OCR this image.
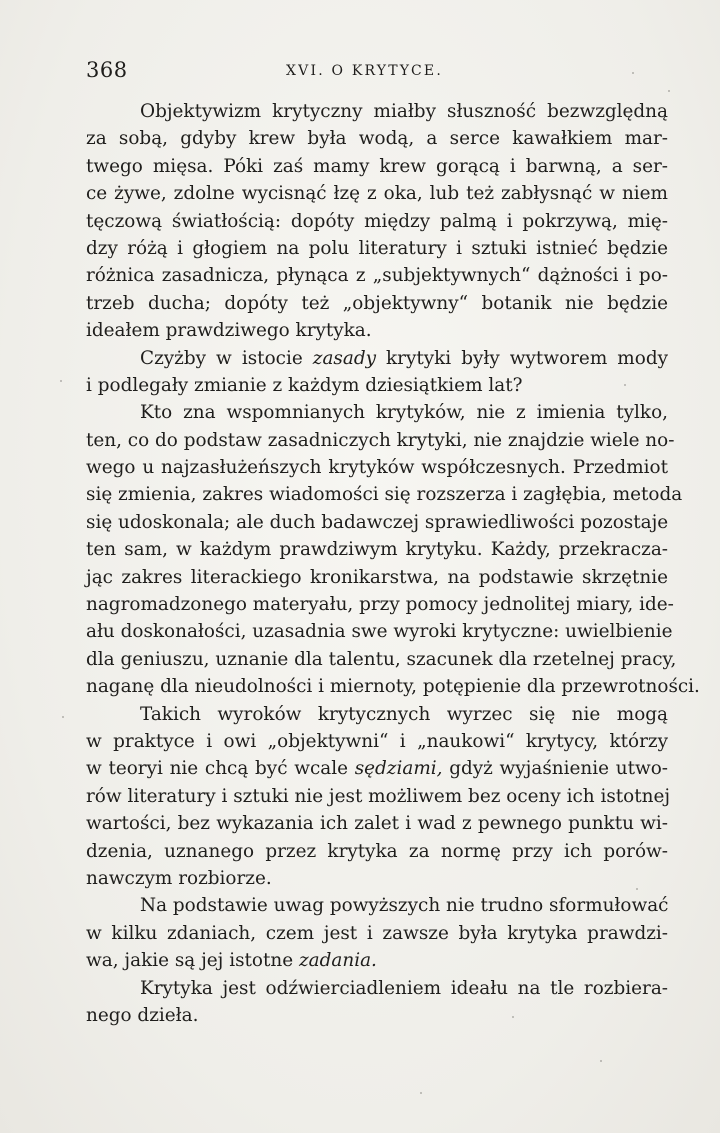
368	XVI. O KRYTYCE.
Objektywizm krytyczny miałby słuszność bezwzględną
za sobą, gdyby krew była wodą, a serce kawałkiem mar-
twego mięsa. Póki zaś mamy krew gorącą i barwną, a ser-
ce żywe, zdolne wycisnąć łzę z oka, lub też zabłysnąć w niem
tęczową światłością: dopóty między palmą i pokrzywą, mię-
dzy różą i głogiem na polu literatury i sztuki istnieć będzie
różnica zasadnicza, płynąca z „subjektywnych“ dążności i po-
trzeb ducha; dopóty też „objektywny“ botanik nie będzie
ideałem prawdziwego krytyka.
Czyżby w istocie zasady krytyki były wytworem mody
i podlegały zmianie z każdym dziesiątkiem lat?
Kto zna wspomnianych krytyków, nie z imienia tylko,
ten, co do podstaw zasadniczych krytyki, nie znajdzie wiele no-
wego u najzasłużeńszych krytyków współczesnych. Przedmiot
się zmienia, zakres wiadomości się rozszerza i zagłębia, metoda
się udoskonala; ale duch badawczej sprawiedliwości pozostaje
ten sam, w każdym prawdziwym krytyku. Każdy, przekracza-
jąc zakres literackiego kronikarstwa, na podstawie skrzętnie
nagromadzonego materyału, przy pomocy jednolitej miary, ide-
ału doskonałości, uzasadnia swe wyroki krytyczne: uwielbienie
dla geniuszu, uznanie dla talentu, szacunek dla rzetelnej pracy,
naganę dla nieudolności i miernoty, potępienie dla przewrotności.
Takich wyroków krytycznych wyrzec się nie mogą
w praktyce i owi „objektywni“ i „naukowi“ krytycy, którzy
w teoryi nie chcą być wcale sędziami, gdyż wyjaśnienie utwo-
rów literatury i sztuki nie jest możliwem bez oceny ich istotnej
wartości, bez wykazania ich zalet i wad z pewnego punktu wi-
dzenia, uznanego przez krytyka za normę przy ich porów-
nawczym rozbiorze.
Na podstawie uwag powyższych nie trudno sformułować
w kilku zdaniach, czem jest i zawsze była krytyka prawdzi-
wa, jakie są jej istotne zadania.
Krytyka jest odźwierciadleniem ideału na tle rozbiera-
nego dzieła.
